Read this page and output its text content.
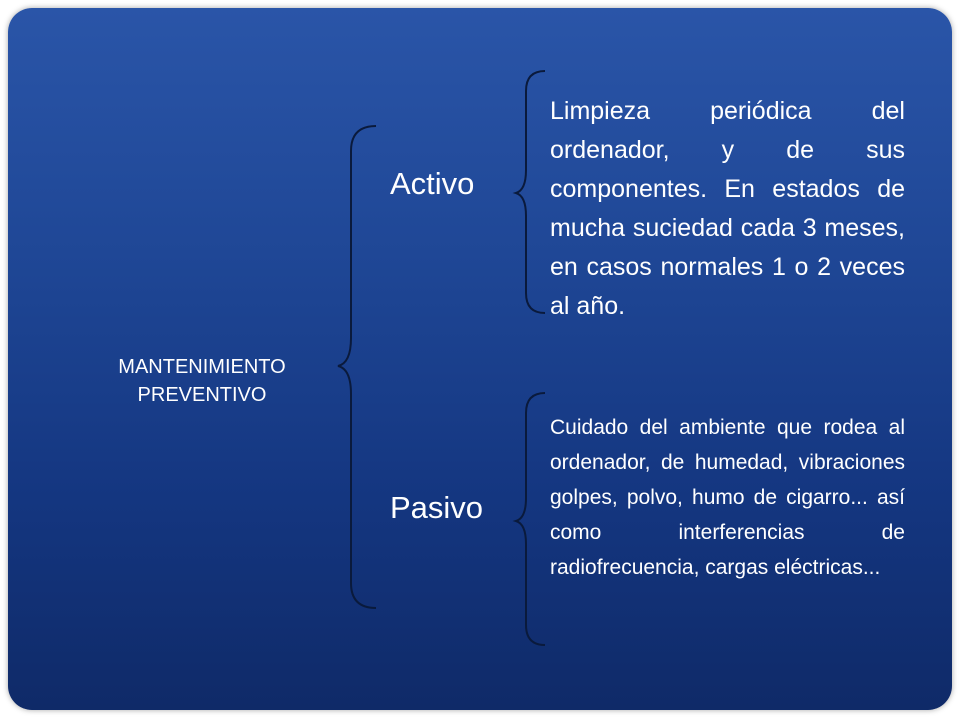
MANTENIMIENTO PREVENTIVO
Activo
Pasivo
Limpieza periódica del ordenador, y de sus componentes. En estados de mucha suciedad cada 3 meses, en casos normales 1 o 2 veces al año.
Cuidado del ambiente que rodea al ordenador, de humedad, vibraciones golpes, polvo, humo de cigarro... así como interferencias de radiofrecuencia, cargas eléctricas...
